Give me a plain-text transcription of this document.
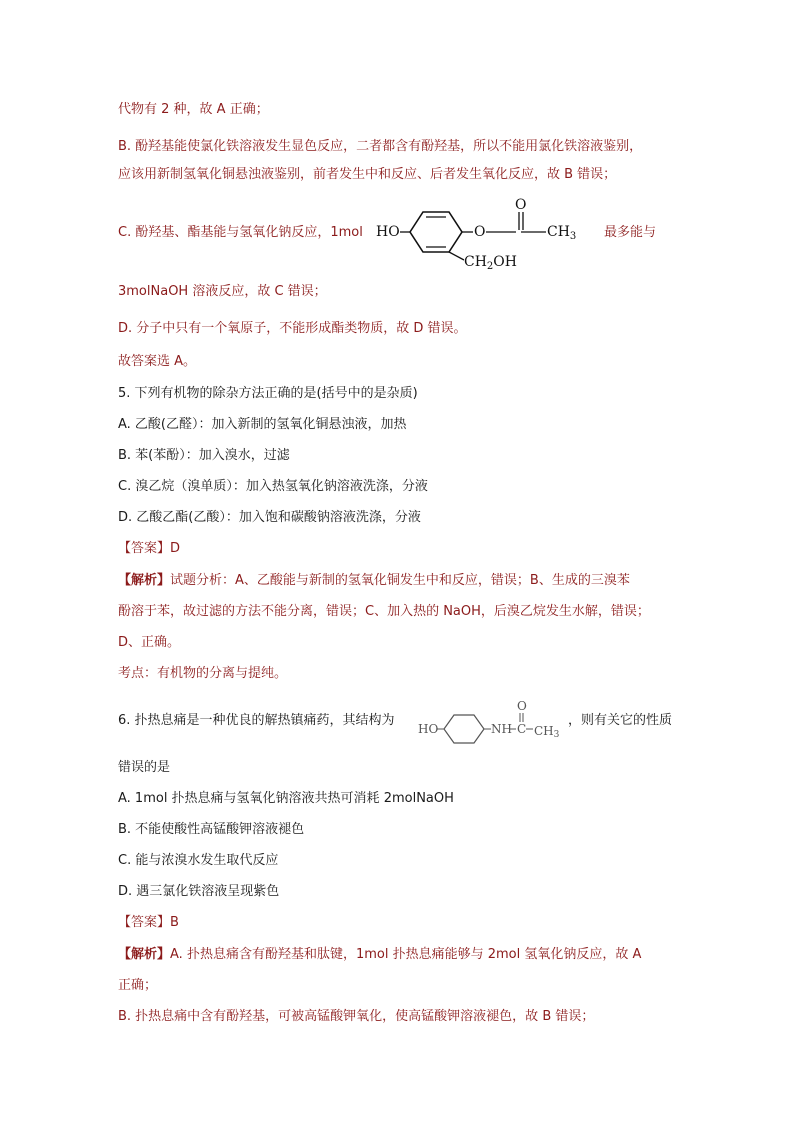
代物有 2 种，故 A 正确；
B. 酚羟基能使氯化铁溶液发生显色反应，二者都含有酚羟基，所以不能用氯化铁溶液鉴别，
应该用新制氢氧化铜悬浊液鉴别，前者发生中和反应、后者发生氧化反应，故 B 错误；
C. 酚羟基、酯基能与氢氧化钠反应，1mol HO	O
O
$CH_3$
$CH_2OH$
最多能与
3molNaOH 溶液反应，故 C 错误；
D. 分子中只有一个氧原子，不能形成酯类物质，故 D 错误。
故答案选 A。
5. 下列有机物的除杂方法正确的是(括号中的是杂质)
A. 乙酸(乙醛）：加入新制的氢氧化铜悬浊液，加热
B. 苯(苯酚）：加入溴水，过滤
C. 溴乙烷（溴单质）：加入热氢氧化钠溶液洗涤，分液
D. 乙酸乙酯(乙酸）：加入饱和碳酸钠溶液洗涤，分液
【答案】D
【解析】试题分析：A、乙酸能与新制的氢氧化铜发生中和反应，错误；B、生成的三溴苯
酚溶于苯，故过滤的方法不能分离，错误；C、加入热的 NaOH，后溴乙烷发生水解，错误；
D、正确。
考点：有机物的分离与提纯。
6. 扑热息痛是一种优良的解热镇痛药，其结构为
HO	NH C
O
CH3
，则有关它的性质
错误的是
A. 1mol 扑热息痛与氢氧化钠溶液共热可消耗 2molNaOH
B. 不能使酸性高锰酸钾溶液褪色
C. 能与浓溴水发生取代反应
D. 遇三氯化铁溶液呈现紫色
【答案】B
【解析】A. 扑热息痛含有酚羟基和肽键，1mol 扑热息痛能够与 2mol 氢氧化钠反应，故 A
正确；
B. 扑热息痛中含有酚羟基，可被高锰酸钾氧化，使高锰酸钾溶液褪色，故 B 错误；
